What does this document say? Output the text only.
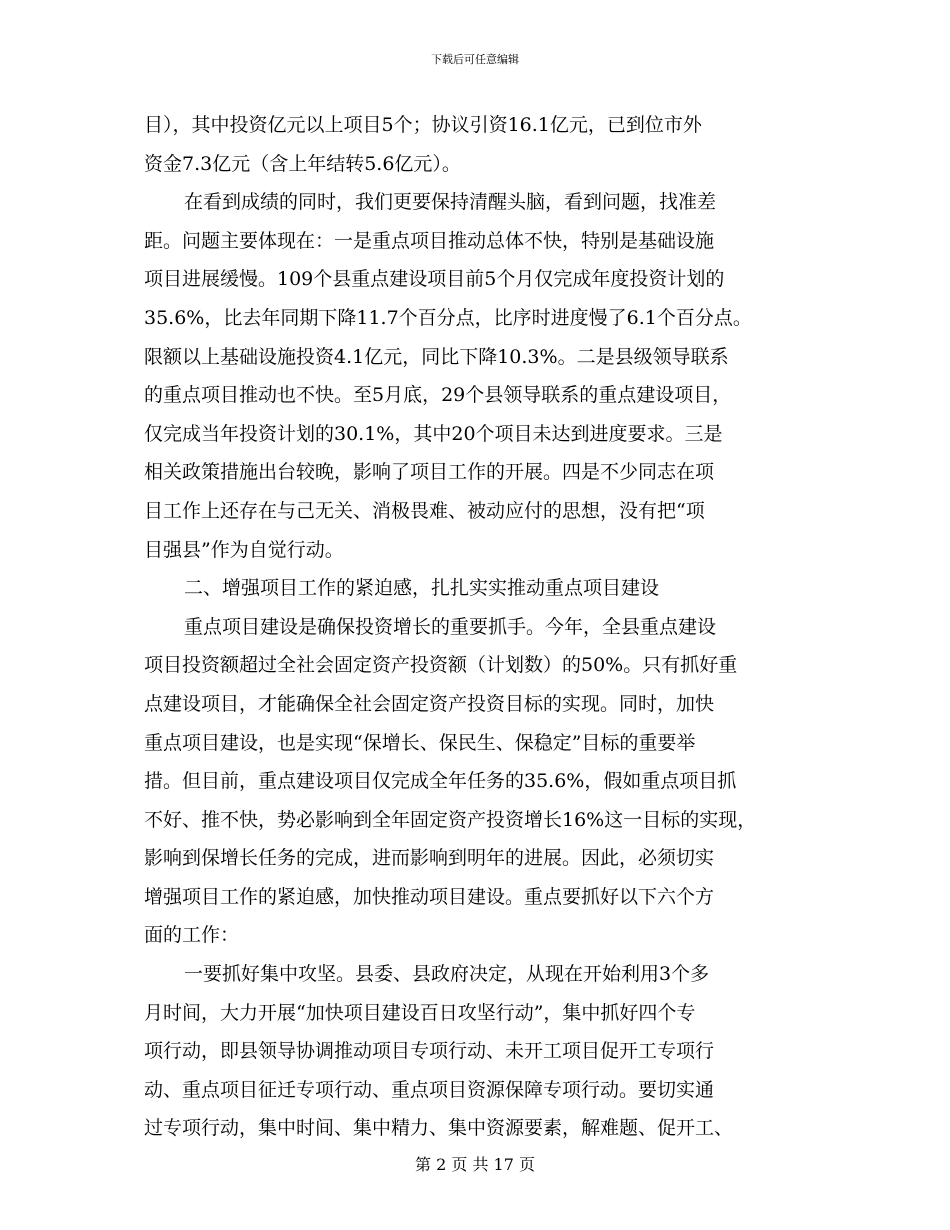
下载后可任意编辑
目），其中投资亿元以上项目5个；协议引资16.1亿元，已到位市外
资金7.3亿元（含上年结转5.6亿元）。
在看到成绩的同时，我们更要保持清醒头脑，看到问题，找准差
距。问题主要体现在：一是重点项目推动总体不快，特别是基础设施
项目进展缓慢。109个县重点建设项目前5个月仅完成年度投资计划的
35.6%，比去年同期下降11.7个百分点，比序时进度慢了6.1个百分点。
限额以上基础设施投资4.1亿元，同比下降10.3%。二是县级领导联系
的重点项目推动也不快。至5月底，29个县领导联系的重点建设项目，
仅完成当年投资计划的30.1%，其中20个项目未达到进度要求。三是
相关政策措施出台较晚，影响了项目工作的开展。四是不少同志在项
目工作上还存在与己无关、消极畏难、被动应付的思想，没有把“项
目强县”作为自觉行动。
二、增强项目工作的紧迫感，扎扎实实推动重点项目建设
重点项目建设是确保投资增长的重要抓手。今年，全县重点建设
项目投资额超过全社会固定资产投资额（计划数）的50%。只有抓好重
点建设项目，才能确保全社会固定资产投资目标的实现。同时，加快
重点项目建设，也是实现“保增长、保民生、保稳定”目标的重要举
措。但目前，重点建设项目仅完成全年任务的35.6%，假如重点项目抓
不好、推不快，势必影响到全年固定资产投资增长16%这一目标的实现，
影响到保增长任务的完成，进而影响到明年的进展。因此，必须切实
增强项目工作的紧迫感，加快推动项目建设。重点要抓好以下六个方
面的工作：
一要抓好集中攻坚。县委、县政府决定，从现在开始利用3个多
月时间，大力开展“加快项目建设百日攻坚行动”，集中抓好四个专
项行动，即县领导协调推动项目专项行动、未开工项目促开工专项行
动、重点项目征迁专项行动、重点项目资源保障专项行动。要切实通
过专项行动，集中时间、集中精力、集中资源要素，解难题、促开工、
第 2 页 共 17 页
